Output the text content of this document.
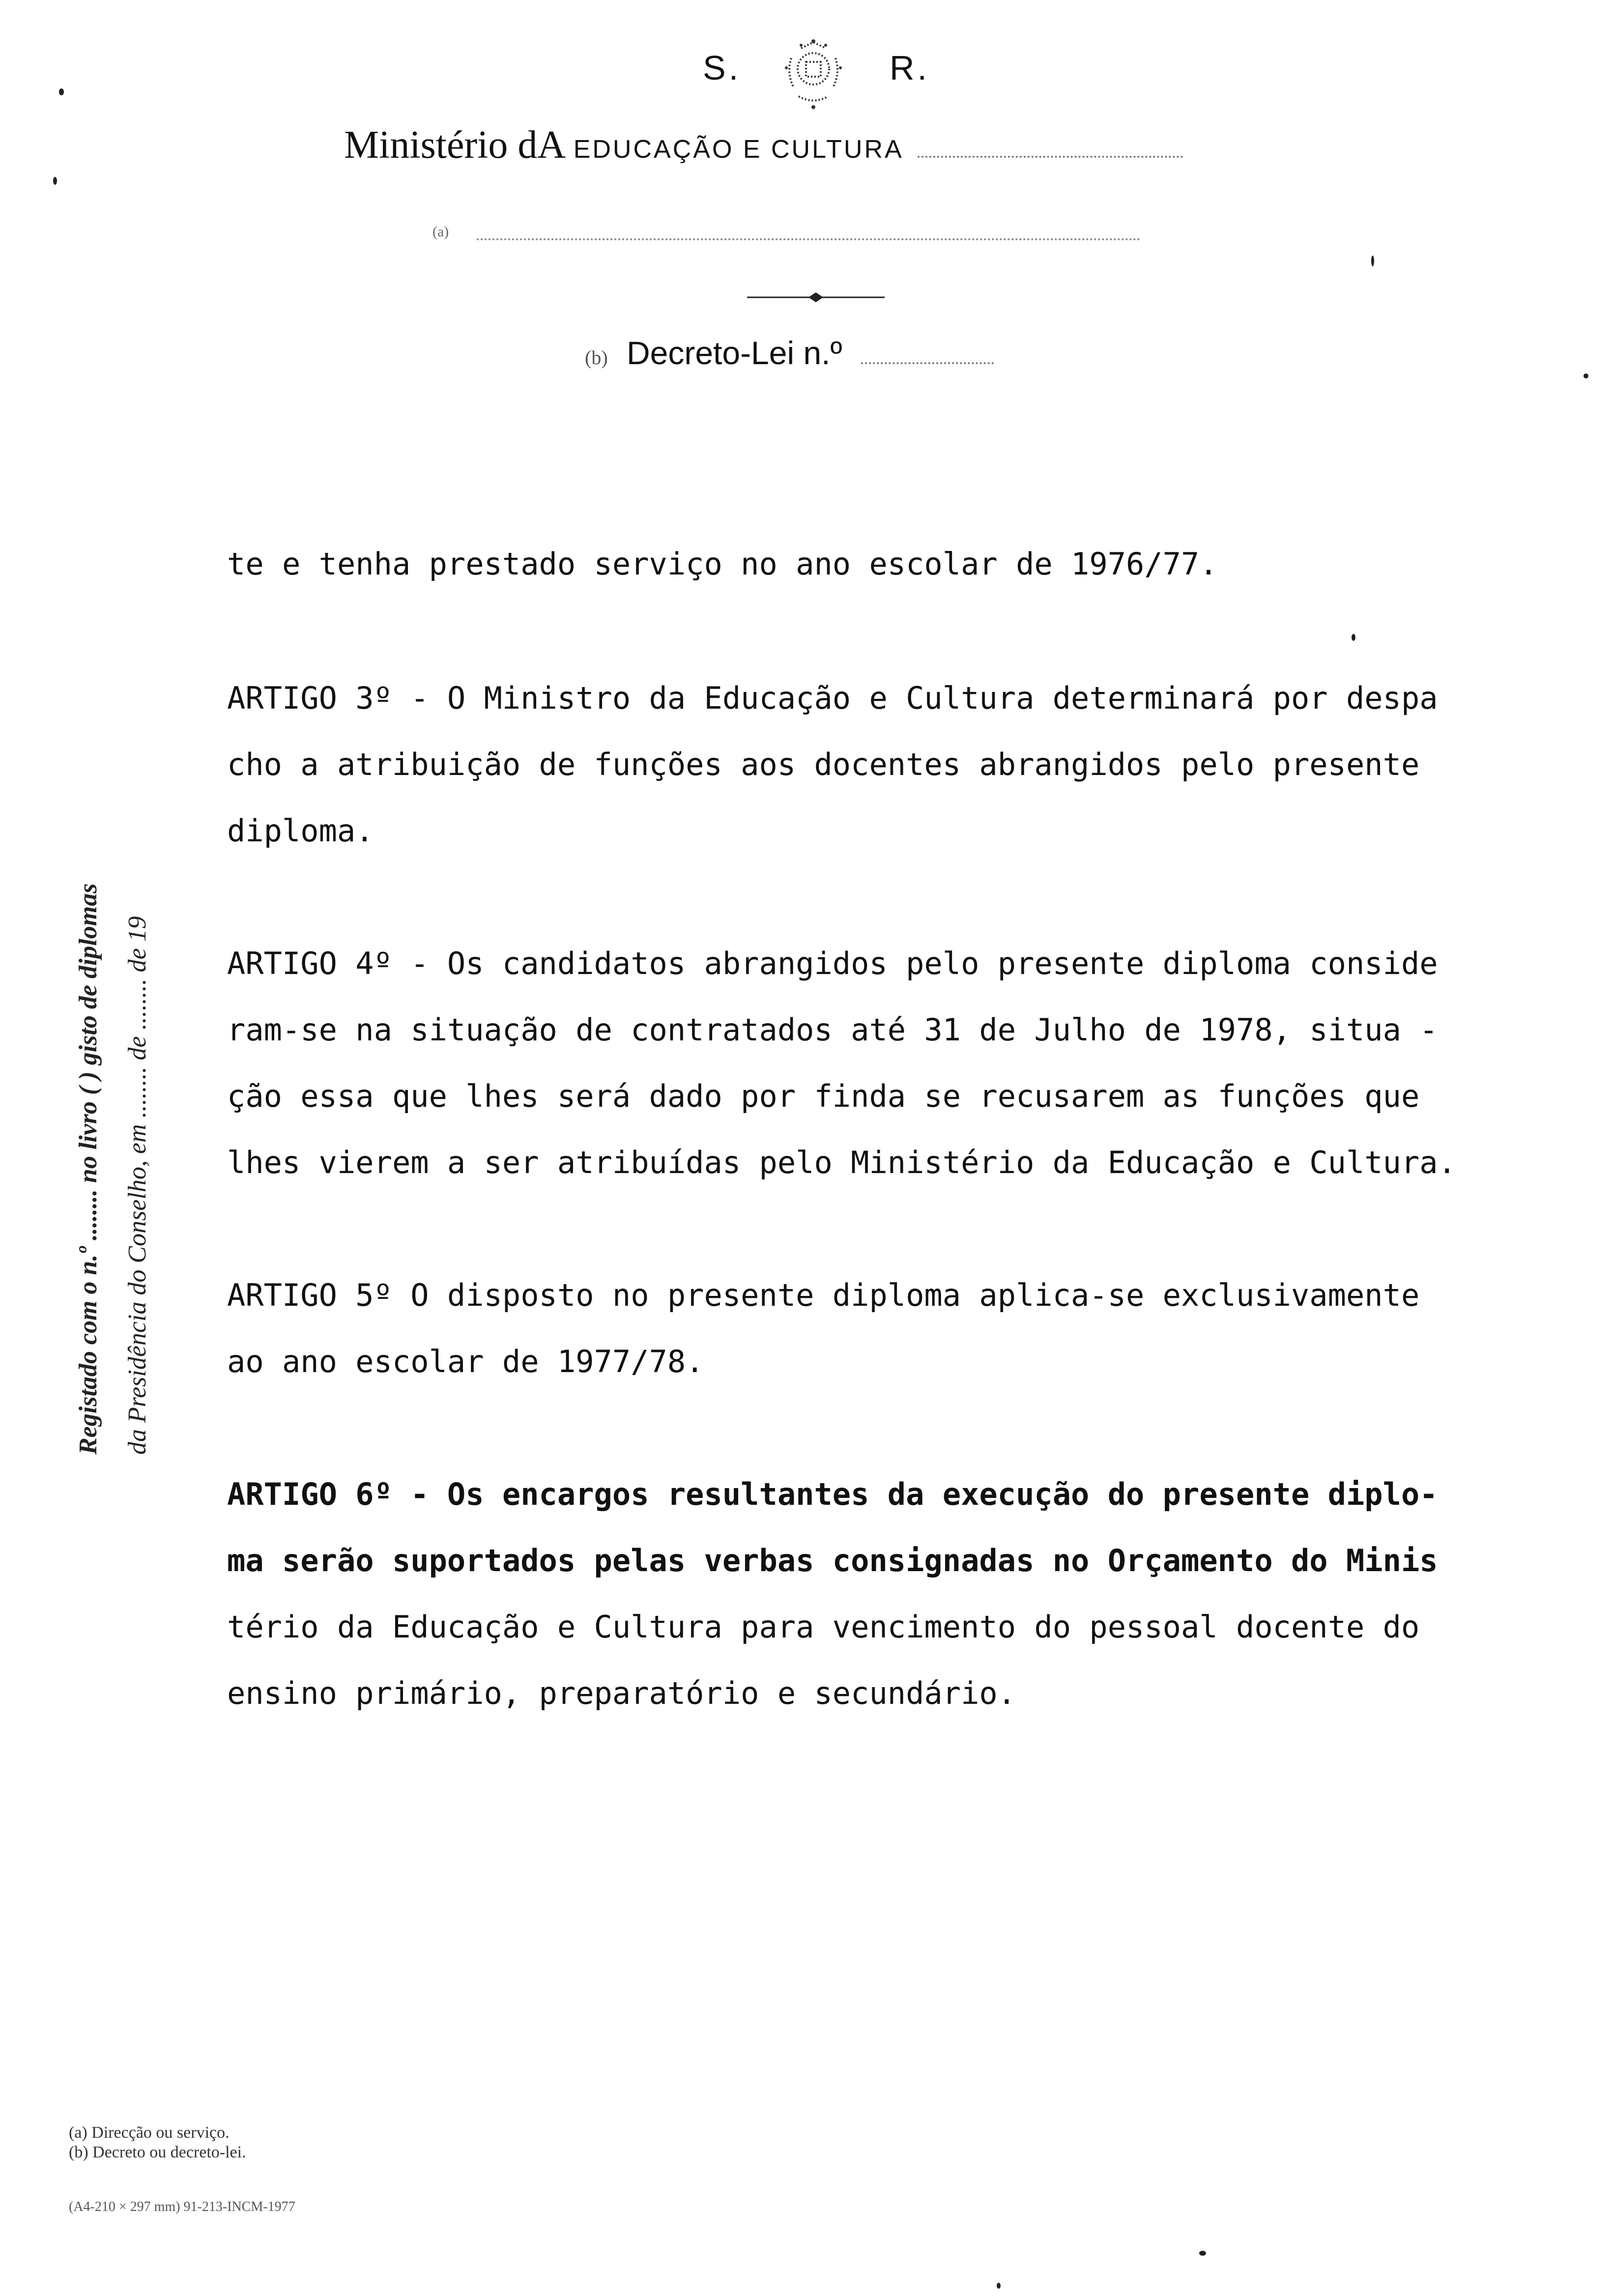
S.	R.
Ministério dA EDUCAÇÃO E CULTURA
(a)
(b) Decreto-Lei n.º
Registado com o n.º ........ no livro ( ) gisto de diplomas da Presidência do Conselho, em ........ de ........ de 19

te e tenha prestado serviço no ano escolar de 1976/77.

ARTIGO 3º - O Ministro da Educação e Cultura determinará por despa

cho a atribuição de funções aos docentes abrangidos pelo presente

diploma.

ARTIGO 4º - Os candidatos abrangidos pelo presente diploma conside

ram-se na situação de contratados até 31 de Julho de 1978, situa -

ção essa que lhes será dado por finda se recusarem as funções que

lhes vierem a ser atribuídas pelo Ministério da Educação e Cultura.

ARTIGO 5º O disposto no presente diploma aplica-se exclusivamente

ao ano escolar de 1977/78.

ARTIGO 6º - Os encargos resultantes da execução do presente diplo-

ma serão suportados pelas verbas consignadas no Orçamento do Minis

tério da Educação e Cultura para vencimento do pessoal docente do

ensino primário, preparatório e secundário.

(a) Direcção ou serviço.
(b) Decreto ou decreto-lei.
(A4-210 × 297 mm) 91-213-INCM-1977
